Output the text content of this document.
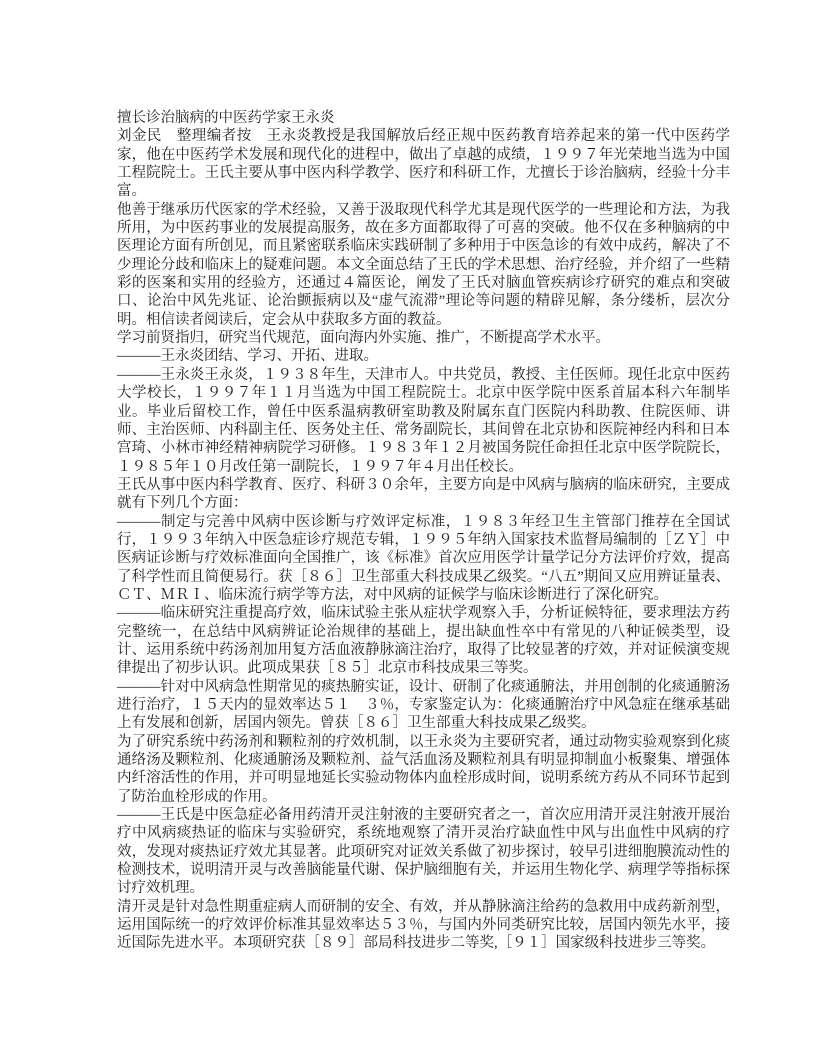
擅长诊治脑病的中医药学家王永炎

刘金民　整理编者按　王永炎教授是我国解放后经正规中医药教育培养起来的第一代中医药学家，他在中医药学术发展和现代化的进程中，做出了卓越的成绩，１９９７年光荣地当选为中国工程院院士。王氏主要从事中医内科学教学、医疗和科研工作，尤擅长于诊治脑病，经验十分丰富。

他善于继承历代医家的学术经验，又善于汲取现代科学尤其是现代医学的一些理论和方法，为我所用，为中医药事业的发展提高服务，故在多方面都取得了可喜的突破。他不仅在多种脑病的中医理论方面有所创见，而且紧密联系临床实践研制了多种用于中医急诊的有效中成药，解决了不少理论分歧和临床上的疑难问题。本文全面总结了王氏的学术思想、治疗经验，并介绍了一些精彩的医案和实用的经验方，还通过４篇医论，阐发了王氏对脑血管疾病诊疗研究的难点和突破口、论治中风先兆证、论治颤振病以及“虚气流滞”理论等问题的精辟见解，条分缕析，层次分明。相信读者阅读后，定会从中获取多方面的教益。

学习前贤指归，研究当代规范，面向海内外实施、推广，不断提高学术水平。

———王永炎团结、学习、开拓、进取。

———王永炎王永炎，１９３８年生，天津市人。中共党员，教授、主任医师。现任北京中医药大学校长，１９９７年１１月当选为中国工程院院士。北京中医学院中医系首届本科六年制毕业。毕业后留校工作，曾任中医系温病教研室助教及附属东直门医院内科助教、住院医师、讲师、主治医师、内科副主任、医务处主任、常务副院长，其间曾在北京协和医院神经内科和日本宫琦、小林市神经精神病院学习研修。１９８３年１２月被国务院任命担任北京中医学院院长，１９８５年１０月改任第一副院长，１９９７年４月出任校长。

王氏从事中医内科学教育、医疗、科研３０余年，主要方向是中风病与脑病的临床研究，主要成就有下列几个方面：

———制定与完善中风病中医诊断与疗效评定标准，１９８３年经卫生主管部门推荐在全国试行，１９９３年纳入中医急症诊疗规范专辑，１９９５年纳入国家技术监督局编制的［ＺＹ］中医病证诊断与疗效标准面向全国推广，该《标准》首次应用医学计量学记分方法评价疗效，提高了科学性而且简便易行。获［８６］卫生部重大科技成果乙级奖。“八五”期间又应用辨证量表、ＣＴ、ＭＲＩ、临床流行病学等方法，对中风病的证候学与临床诊断进行了深化研究。

———临床研究注重提高疗效，临床试验主张从症状学观察入手，分析证候特征，要求理法方药完整统一，在总结中风病辨证论治规律的基础上，提出缺血性卒中有常见的八种证候类型，设计、运用系统中药汤剂加用复方活血液静脉滴注治疗，取得了比较显著的疗效，并对证候演变规律提出了初步认识。此项成果获［８５］北京市科技成果三等奖。

———针对中风病急性期常见的痰热腑实证，设计、研制了化痰通腑法，并用创制的化痰通腑汤进行治疗，１５天内的显效率达５１　３％，专家鉴定认为：化痰通腑治疗中风急症在继承基础上有发展和创新，居国内领先。曾获［８６］卫生部重大科技成果乙级奖。

为了研究系统中药汤剂和颗粒剂的疗效机制，以王永炎为主要研究者，通过动物实验观察到化痰通络汤及颗粒剂、化痰通腑汤及颗粒剂、益气活血汤及颗粒剂具有明显抑制血小板聚集、增强体内纤溶活性的作用，并可明显地延长实验动物体内血栓形成时间，说明系统方药从不同环节起到了防治血栓形成的作用。

———王氏是中医急症必备用药清开灵注射液的主要研究者之一，首次应用清开灵注射液开展治疗中风病痰热证的临床与实验研究，系统地观察了清开灵治疗缺血性中风与出血性中风病的疗效，发现对痰热证疗效尤其显著。此项研究对证效关系做了初步探讨，较早引进细胞膜流动性的检测技术，说明清开灵与改善脑能量代谢、保护脑细胞有关，并运用生物化学、病理学等指标探讨疗效机理。

清开灵是针对急性期重症病人而研制的安全、有效，并从静脉滴注给药的急救用中成药新剂型，运用国际统一的疗效评价标准其显效率达５３％，与国内外同类研究比较，居国内领先水平，接近国际先进水平。本项研究获［８９］部局科技进步二等奖,［９１］国家级科技进步三等奖。
